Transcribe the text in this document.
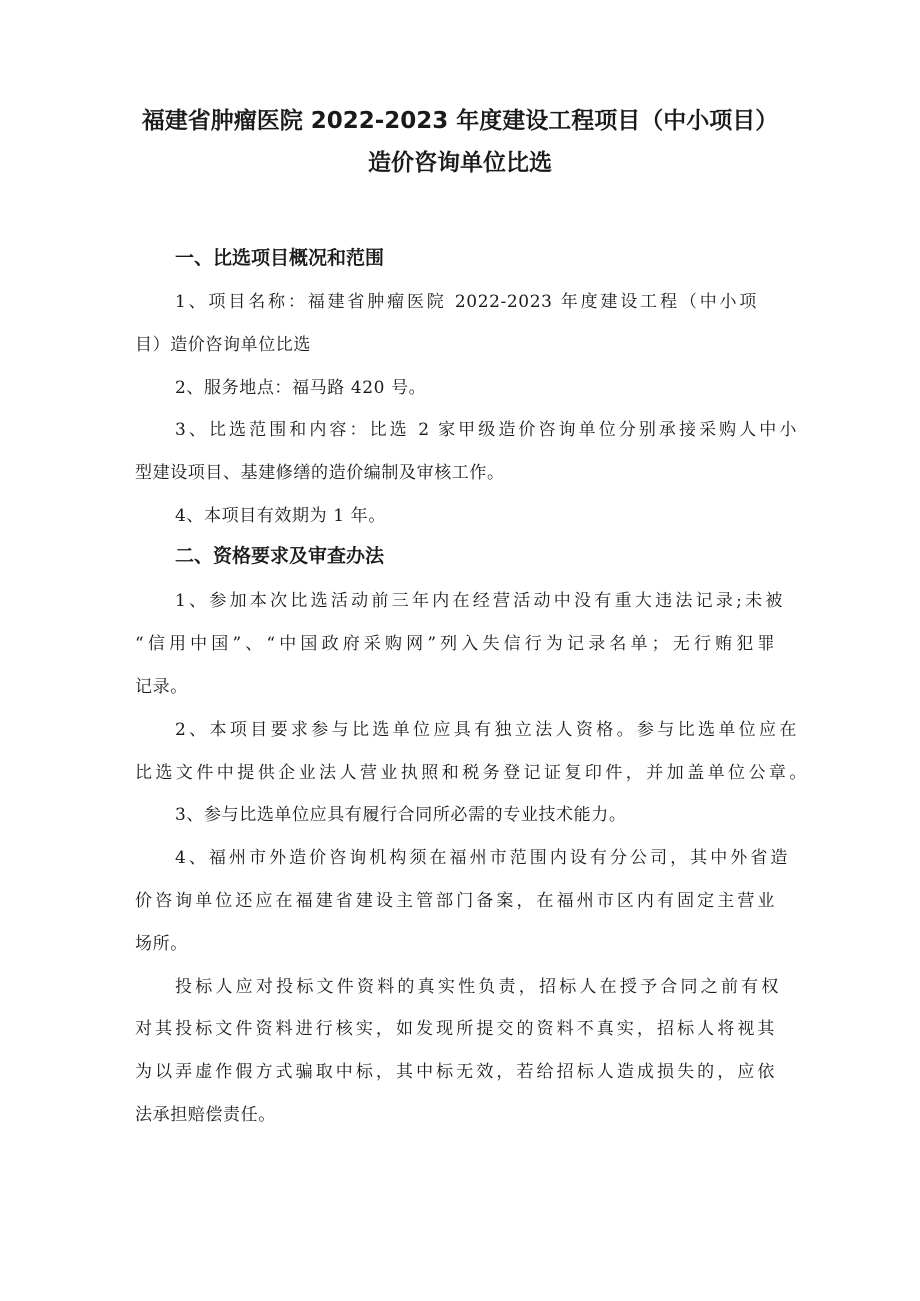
福建省肿瘤医院 2022-2023 年度建设工程项目（中小项目）
造价咨询单位比选
一、比选项目概况和范围

1、项目名称：福建省肿瘤医院 2022-2023 年度建设工程（中小项

目）造价咨询单位比选

2、服务地点：福马路 420 号。

3、比选范围和内容：比选 2 家甲级造价咨询单位分别承接采购人中小

型建设项目、基建修缮的造价编制及审核工作。

4、本项目有效期为 1 年。

二、资格要求及审查办法

1、参加本次比选活动前三年内在经营活动中没有重大违法记录;未被

“信用中国”、“中国政府采购网”列入失信行为记录名单；无行贿犯罪

记录。

2、本项目要求参与比选单位应具有独立法人资格。参与比选单位应在

比选文件中提供企业法人营业执照和税务登记证复印件，并加盖单位公章。

3、参与比选单位应具有履行合同所必需的专业技术能力。

4、福州市外造价咨询机构须在福州市范围内设有分公司，其中外省造

价咨询单位还应在福建省建设主管部门备案，在福州市区内有固定主营业

场所。

投标人应对投标文件资料的真实性负责，招标人在授予合同之前有权

对其投标文件资料进行核实，如发现所提交的资料不真实，招标人将视其

为以弄虚作假方式骗取中标，其中标无效，若给招标人造成损失的，应依

法承担赔偿责任。
